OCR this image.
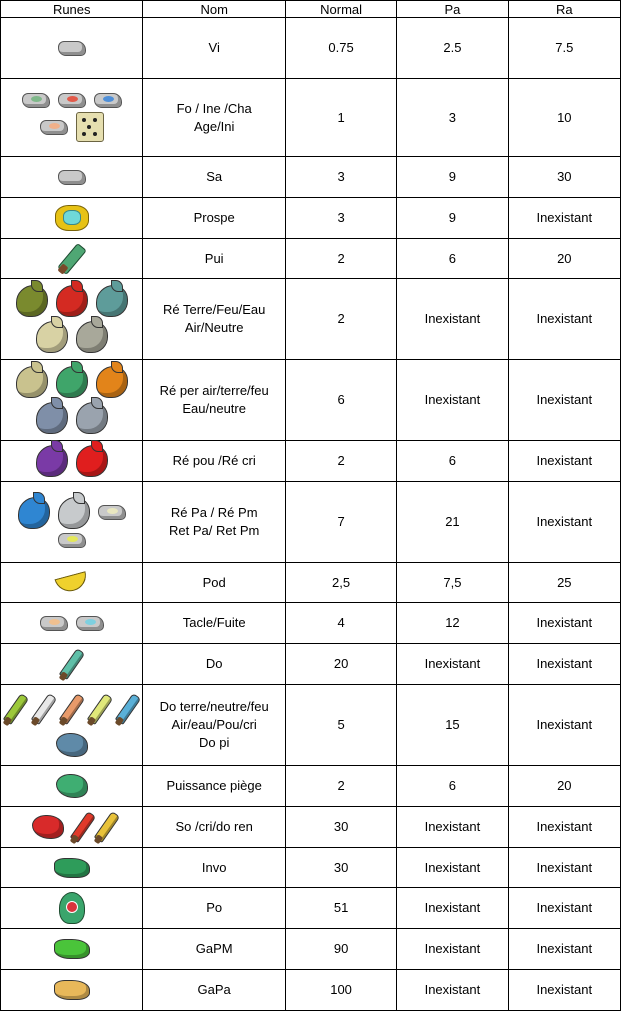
Runes	Nom	Normal	Pa	Ra

	Vi	0.75	2.5	7.5

	Fo / Ine /Cha
Age/Ini	1	3	10

	Sa	3	9	30

	Prospe	3	9	Inexistant

	Pui	2	6	20

	Ré Terre/Feu/Eau
Air/Neutre	2	Inexistant	Inexistant

	Ré per air/terre/feu
Eau/neutre	6	Inexistant	Inexistant

	Ré pou /Ré cri	2	6	Inexistant

	Ré Pa / Ré Pm
Ret Pa/ Ret Pm	7	21	Inexistant

	Pod	2,5	7,5	25

	Tacle/Fuite	4	12	Inexistant

	Do	20	Inexistant	Inexistant

	Do terre/neutre/feu
Air/eau/Pou/cri
Do pi	5	15	Inexistant

	Puissance piège	2	6	20

	So /cri/do ren	30	Inexistant	Inexistant

	Invo	30	Inexistant	Inexistant

	Po	51	Inexistant	Inexistant

	GaPM	90	Inexistant	Inexistant

	GaPa	100	Inexistant	Inexistant
